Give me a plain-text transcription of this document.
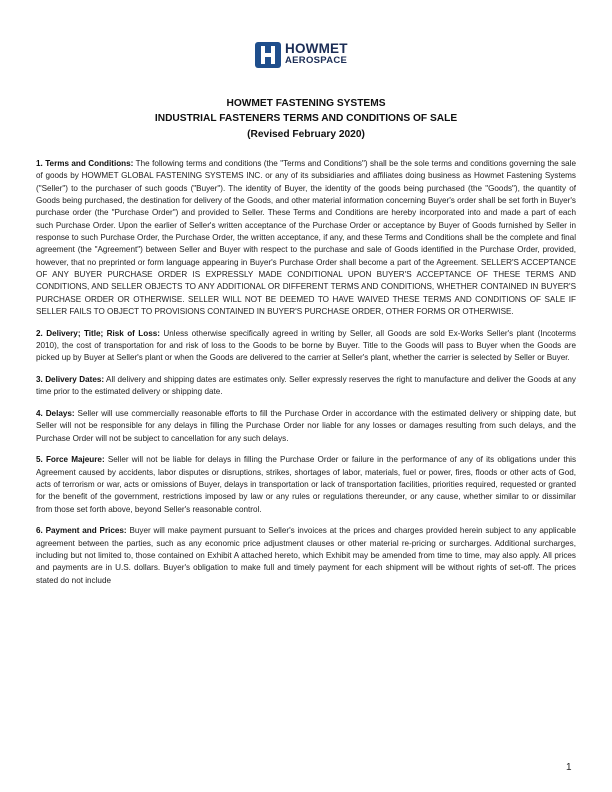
HOWMET
AEROSPACE
HOWMET FASTENING SYSTEMS
INDUSTRIAL FASTENERS TERMS AND CONDITIONS OF SALE
(Revised February 2020)

1. Terms and Conditions: The following terms and conditions (the "Terms and Conditions") shall be the sole terms and conditions governing the sale of goods by HOWMET GLOBAL FASTENING SYSTEMS INC. or any of its subsidiaries and affiliates doing business as Howmet Fastening Systems ("Seller") to the purchaser of such goods ("Buyer"). The identity of Buyer, the identity of the goods being purchased (the "Goods"), the quantity of Goods being purchased, the destination for delivery of the Goods, and other material information concerning Buyer's order shall be set forth in Buyer's purchase order (the "Purchase Order") and provided to Seller. These Terms and Conditions are hereby incorporated into and made a part of each such Purchase Order. Upon the earlier of Seller's written acceptance of the Purchase Order or acceptance by Buyer of Goods furnished by Seller in response to such Purchase Order, the Purchase Order, the written acceptance, if any, and these Terms and Conditions shall be the complete and final agreement (the "Agreement") between Seller and Buyer with respect to the purchase and sale of Goods identified in the Purchase Order, provided, however, that no preprinted or form language appearing in Buyer's Purchase Order shall become a part of the Agreement. SELLER'S ACCEPTANCE OF ANY BUYER PURCHASE ORDER IS EXPRESSLY MADE CONDITIONAL UPON BUYER'S ACCEPTANCE OF THESE TERMS AND CONDITIONS, AND SELLER OBJECTS TO ANY ADDITIONAL OR DIFFERENT TERMS AND CONDITIONS, WHETHER CONTAINED IN BUYER'S PURCHASE ORDER OR OTHERWISE. SELLER WILL NOT BE DEEMED TO HAVE WAIVED THESE TERMS AND CONDITIONS OF SALE IF SELLER FAILS TO OBJECT TO PROVISIONS CONTAINED IN BUYER'S PURCHASE ORDER, OTHER FORMS OR OTHERWISE.

2. Delivery; Title; Risk of Loss: Unless otherwise specifically agreed in writing by Seller, all Goods are sold Ex-Works Seller's plant (Incoterms 2010), the cost of transportation for and risk of loss to the Goods to be borne by Buyer. Title to the Goods will pass to Buyer when the Goods are picked up by Buyer at Seller's plant or when the Goods are delivered to the carrier at Seller's plant, whether the carrier is selected by Seller or Buyer.

3. Delivery Dates: All delivery and shipping dates are estimates only. Seller expressly reserves the right to manufacture and deliver the Goods at any time prior to the estimated delivery or shipping date.

4. Delays: Seller will use commercially reasonable efforts to fill the Purchase Order in accordance with the estimated delivery or shipping date, but Seller will not be responsible for any delays in filling the Purchase Order nor liable for any losses or damages resulting from such delays, and the Purchase Order will not be subject to cancellation for any such delays.

5. Force Majeure: Seller will not be liable for delays in filling the Purchase Order or failure in the performance of any of its obligations under this Agreement caused by accidents, labor disputes or disruptions, strikes, shortages of labor, materials, fuel or power, fires, floods or other acts of God, acts of terrorism or war, acts or omissions of Buyer, delays in transportation or lack of transportation facilities, priorities required, requested or granted for the benefit of the government, restrictions imposed by law or any rules or regulations thereunder, or any cause, whether similar to or dissimilar from those set forth above, beyond Seller's reasonable control.

6. Payment and Prices: Buyer will make payment pursuant to Seller's invoices at the prices and charges provided herein subject to any applicable agreement between the parties, such as any economic price adjustment clauses or other material re-pricing or surcharges. Additional surcharges, including but not limited to, those contained on Exhibit A attached hereto, which Exhibit may be amended from time to time, may also apply. All prices and payments are in U.S. dollars. Buyer's obligation to make full and timely payment for each shipment will be without rights of set-off. The prices stated do not include

1
